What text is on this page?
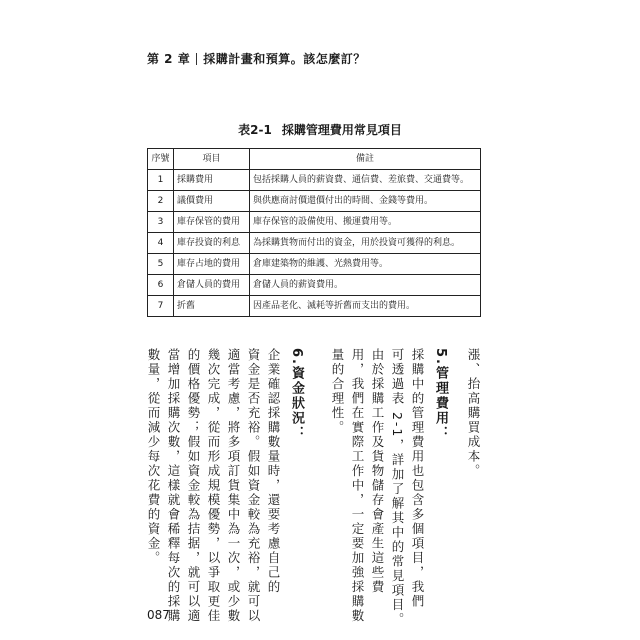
第 2 章 採購計畫和預算。該怎麼訂？
表2-1 採購管理費用常見項目
序號	項目	備註
1	採購費用	包括採購人員的薪資費、通信費、差旅費、交通費等。
2	議價費用	與供應商討價還價付出的時間、金錢等費用。
3	庫存保管的費用	庫存保管的設備使用、搬運費用等。
4	庫存投資的利息	為採購貨物而付出的資金，用於投資可獲得的利息。
5	庫存占地的費用	倉庫建築物的維護、光熱費用等。
6	倉儲人員的費用	倉儲人員的薪資費用。
7	折舊	因產品老化、滅耗等折舊而支出的費用。
漲、抬高購買成本。
5.管理費用：
採購中的管理費用也包含多個項目，我們
可透過表 2-1，詳加了解其中的常見項目。
由於採購工作及貨物儲存會產生這些費
用，我們在實際工作中，一定要加強採購數
量的合理性。
6.資金狀況：
企業確認採購數量時，還要考慮自己的
資金是否充裕。假如資金較為充裕，就可以
適當考慮，將多項訂貨集中為一次，或少數
幾次完成，從而形成規模優勢，以爭取更佳
的價格優勢；假如資金較為拮据，就可以適
當增加採購次數，這樣就會稀釋每次的採購
數量，從而減少每次花費的資金。
087
